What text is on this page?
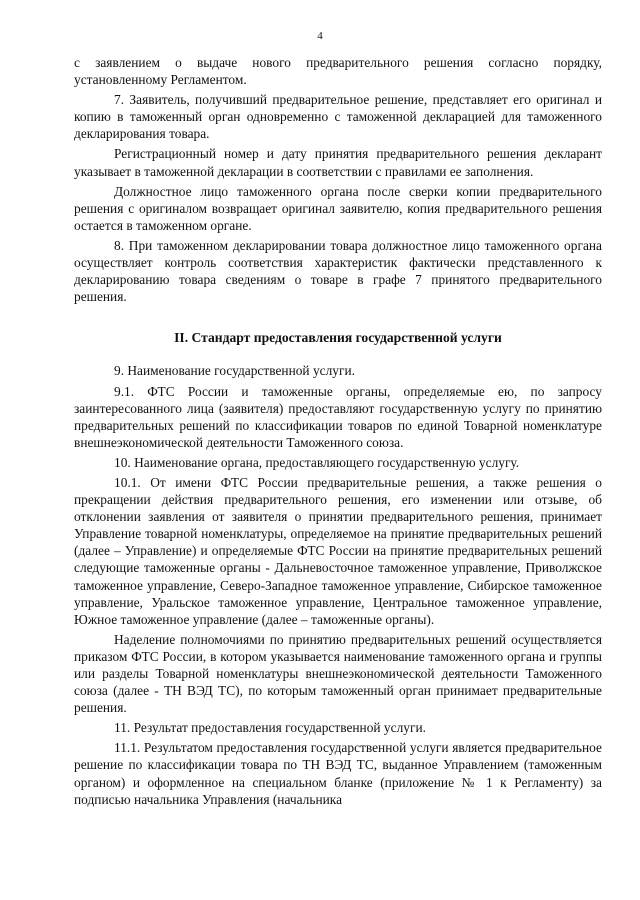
4

с заявлением о выдаче нового предварительного решения согласно порядку, установленному Регламентом.

7. Заявитель, получивший предварительное решение, представляет его оригинал и копию в таможенный орган одновременно с таможенной декларацией для таможенного декларирования товара.

Регистрационный номер и дату принятия предварительного решения декларант указывает в таможенной декларации в соответствии с правилами ее заполнения.

Должностное лицо таможенного органа после сверки копии предварительного решения с оригиналом возвращает оригинал заявителю, копия предварительного решения остается в таможенном органе.

8. При таможенном декларировании товара должностное лицо таможенного органа осуществляет контроль соответствия характеристик фактически представленного к декларированию товара сведениям о товаре в графе 7 принятого предварительного решения.

II. Стандарт предоставления государственной услуги

9. Наименование государственной услуги.

9.1. ФТС России и таможенные органы, определяемые ею, по запросу заинтересованного лица (заявителя) предоставляют государственную услугу по принятию предварительных решений по классификации товаров по единой Товарной номенклатуре внешнеэкономической деятельности Таможенного союза.

10. Наименование органа, предоставляющего государственную услугу.

10.1. От имени ФТС России предварительные решения, а также решения о прекращении действия предварительного решения, его изменении или отзыве, об отклонении заявления от заявителя о принятии предварительного решения, принимает Управление товарной номенклатуры, определяемое на принятие предварительных решений (далее – Управление) и определяемые ФТС России на принятие предварительных решений следующие таможенные органы - Дальневосточное таможенное управление, Приволжское таможенное управление, Северо-Западное таможенное управление, Сибирское таможенное управление, Уральское таможенное управление, Центральное таможенное управление, Южное таможенное управление (далее – таможенные органы).

Наделение полномочиями по принятию предварительных решений осуществляется приказом ФТС России, в котором указывается наименование таможенного органа и группы или разделы Товарной номенклатуры внешнеэкономической деятельности Таможенного союза (далее - ТН ВЭД ТС), по которым таможенный орган принимает предварительные решения.

11. Результат предоставления государственной услуги.

11.1. Результатом предоставления государственной услуги является предварительное решение по классификации товара по ТН ВЭД ТС, выданное Управлением (таможенным органом) и оформленное на специальном бланке (приложение № 1 к Регламенту) за подписью начальника Управления (начальника
